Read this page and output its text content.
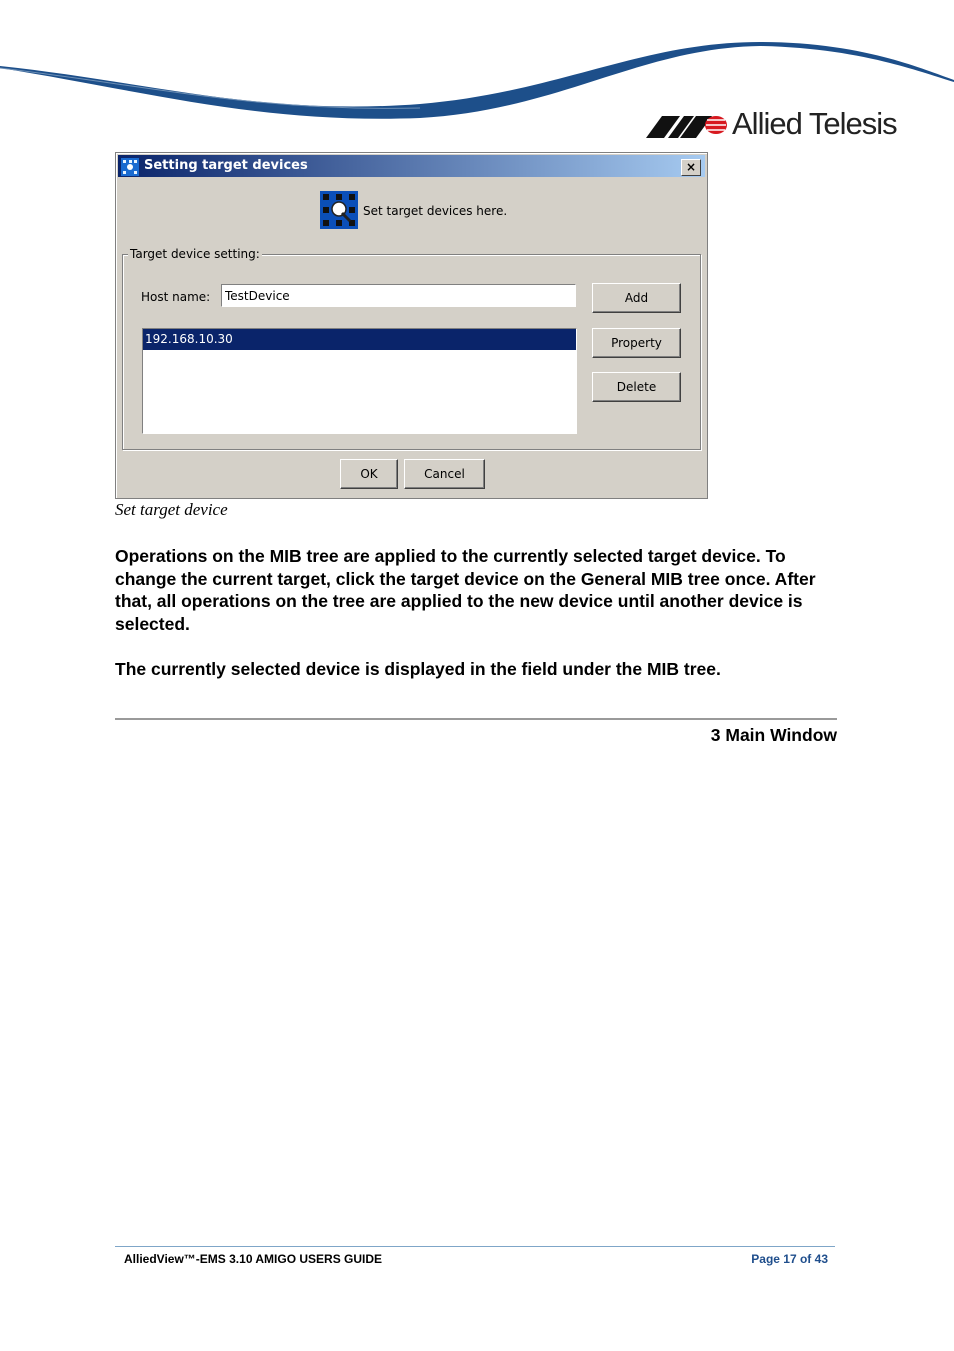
Allied Telesis
Setting target devices	×
Set target devices here.
Target device setting:
Host name:
TestDevice
192.168.10.30
Add
Property
Delete
OK	Cancel
Set target device

Operations on the MIB tree are applied to the currently selected target device. To change the current target, click the target device on the General MIB tree once. After that, all operations on the tree are applied to the new device until another device is selected.

The currently selected device is displayed in the field under the MIB tree.

3 Main Window
AlliedView™-EMS 3.10 AMIGO USERS GUIDE	Page 17 of 43
